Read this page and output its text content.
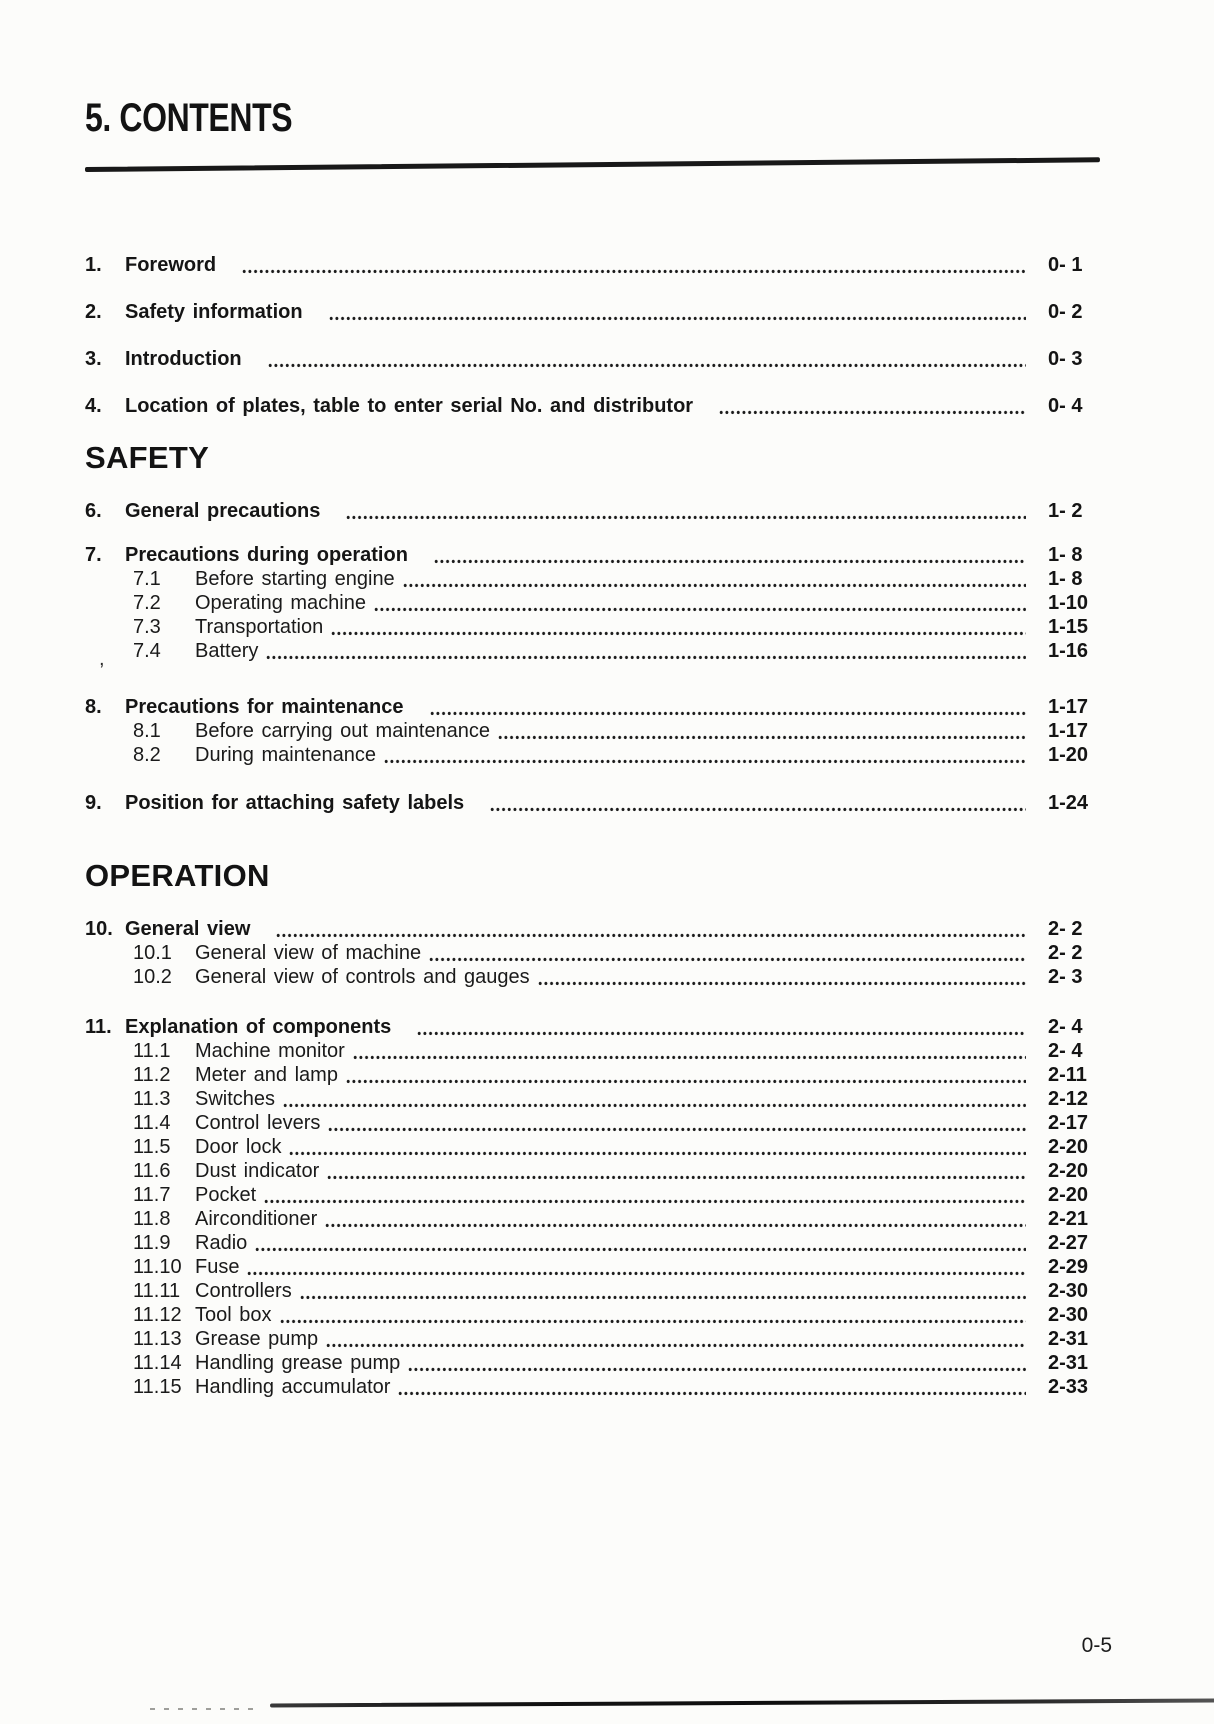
5. CONTENTS
1.	Foreword	0- 1
2.	Safety information	0- 2
3.	Introduction	0- 3
4.	Location of plates, table to enter serial No. and distributor	0- 4
SAFETY
6.	General precautions	1- 2
7.	Precautions during operation	1- 8
7.1	Before starting engine	1- 8
7.2	Operating machine	1-10
7.3	Transportation	1-15
7.4	Battery	1-16
8.	Precautions for maintenance	1-17
8.1	Before carrying out maintenance	1-17
8.2	During maintenance	1-20
9.	Position for attaching safety labels	1-24
OPERATION
10. General view	2- 2
10.1	General view of machine	2- 2
10.2	General view of controls and gauges	2- 3
11. Explanation of components	2- 4
11.1	Machine monitor	2- 4
11.2	Meter and lamp	2-11
11.3	Switches	2-12
11.4	Control levers	2-17
11.5	Door lock	2-20
11.6	Dust indicator	2-20
11.7	Pocket	2-20
11.8	Airconditioner	2-21
11.9	Radio	2-27
11.10 Fuse	2-29
11.11 Controllers	2-30
11.12 Tool box	2-30
11.13 Grease pump	2-31
11.14 Handling grease pump	2-31
11.15 Handling accumulator	2-33
,
0-5
